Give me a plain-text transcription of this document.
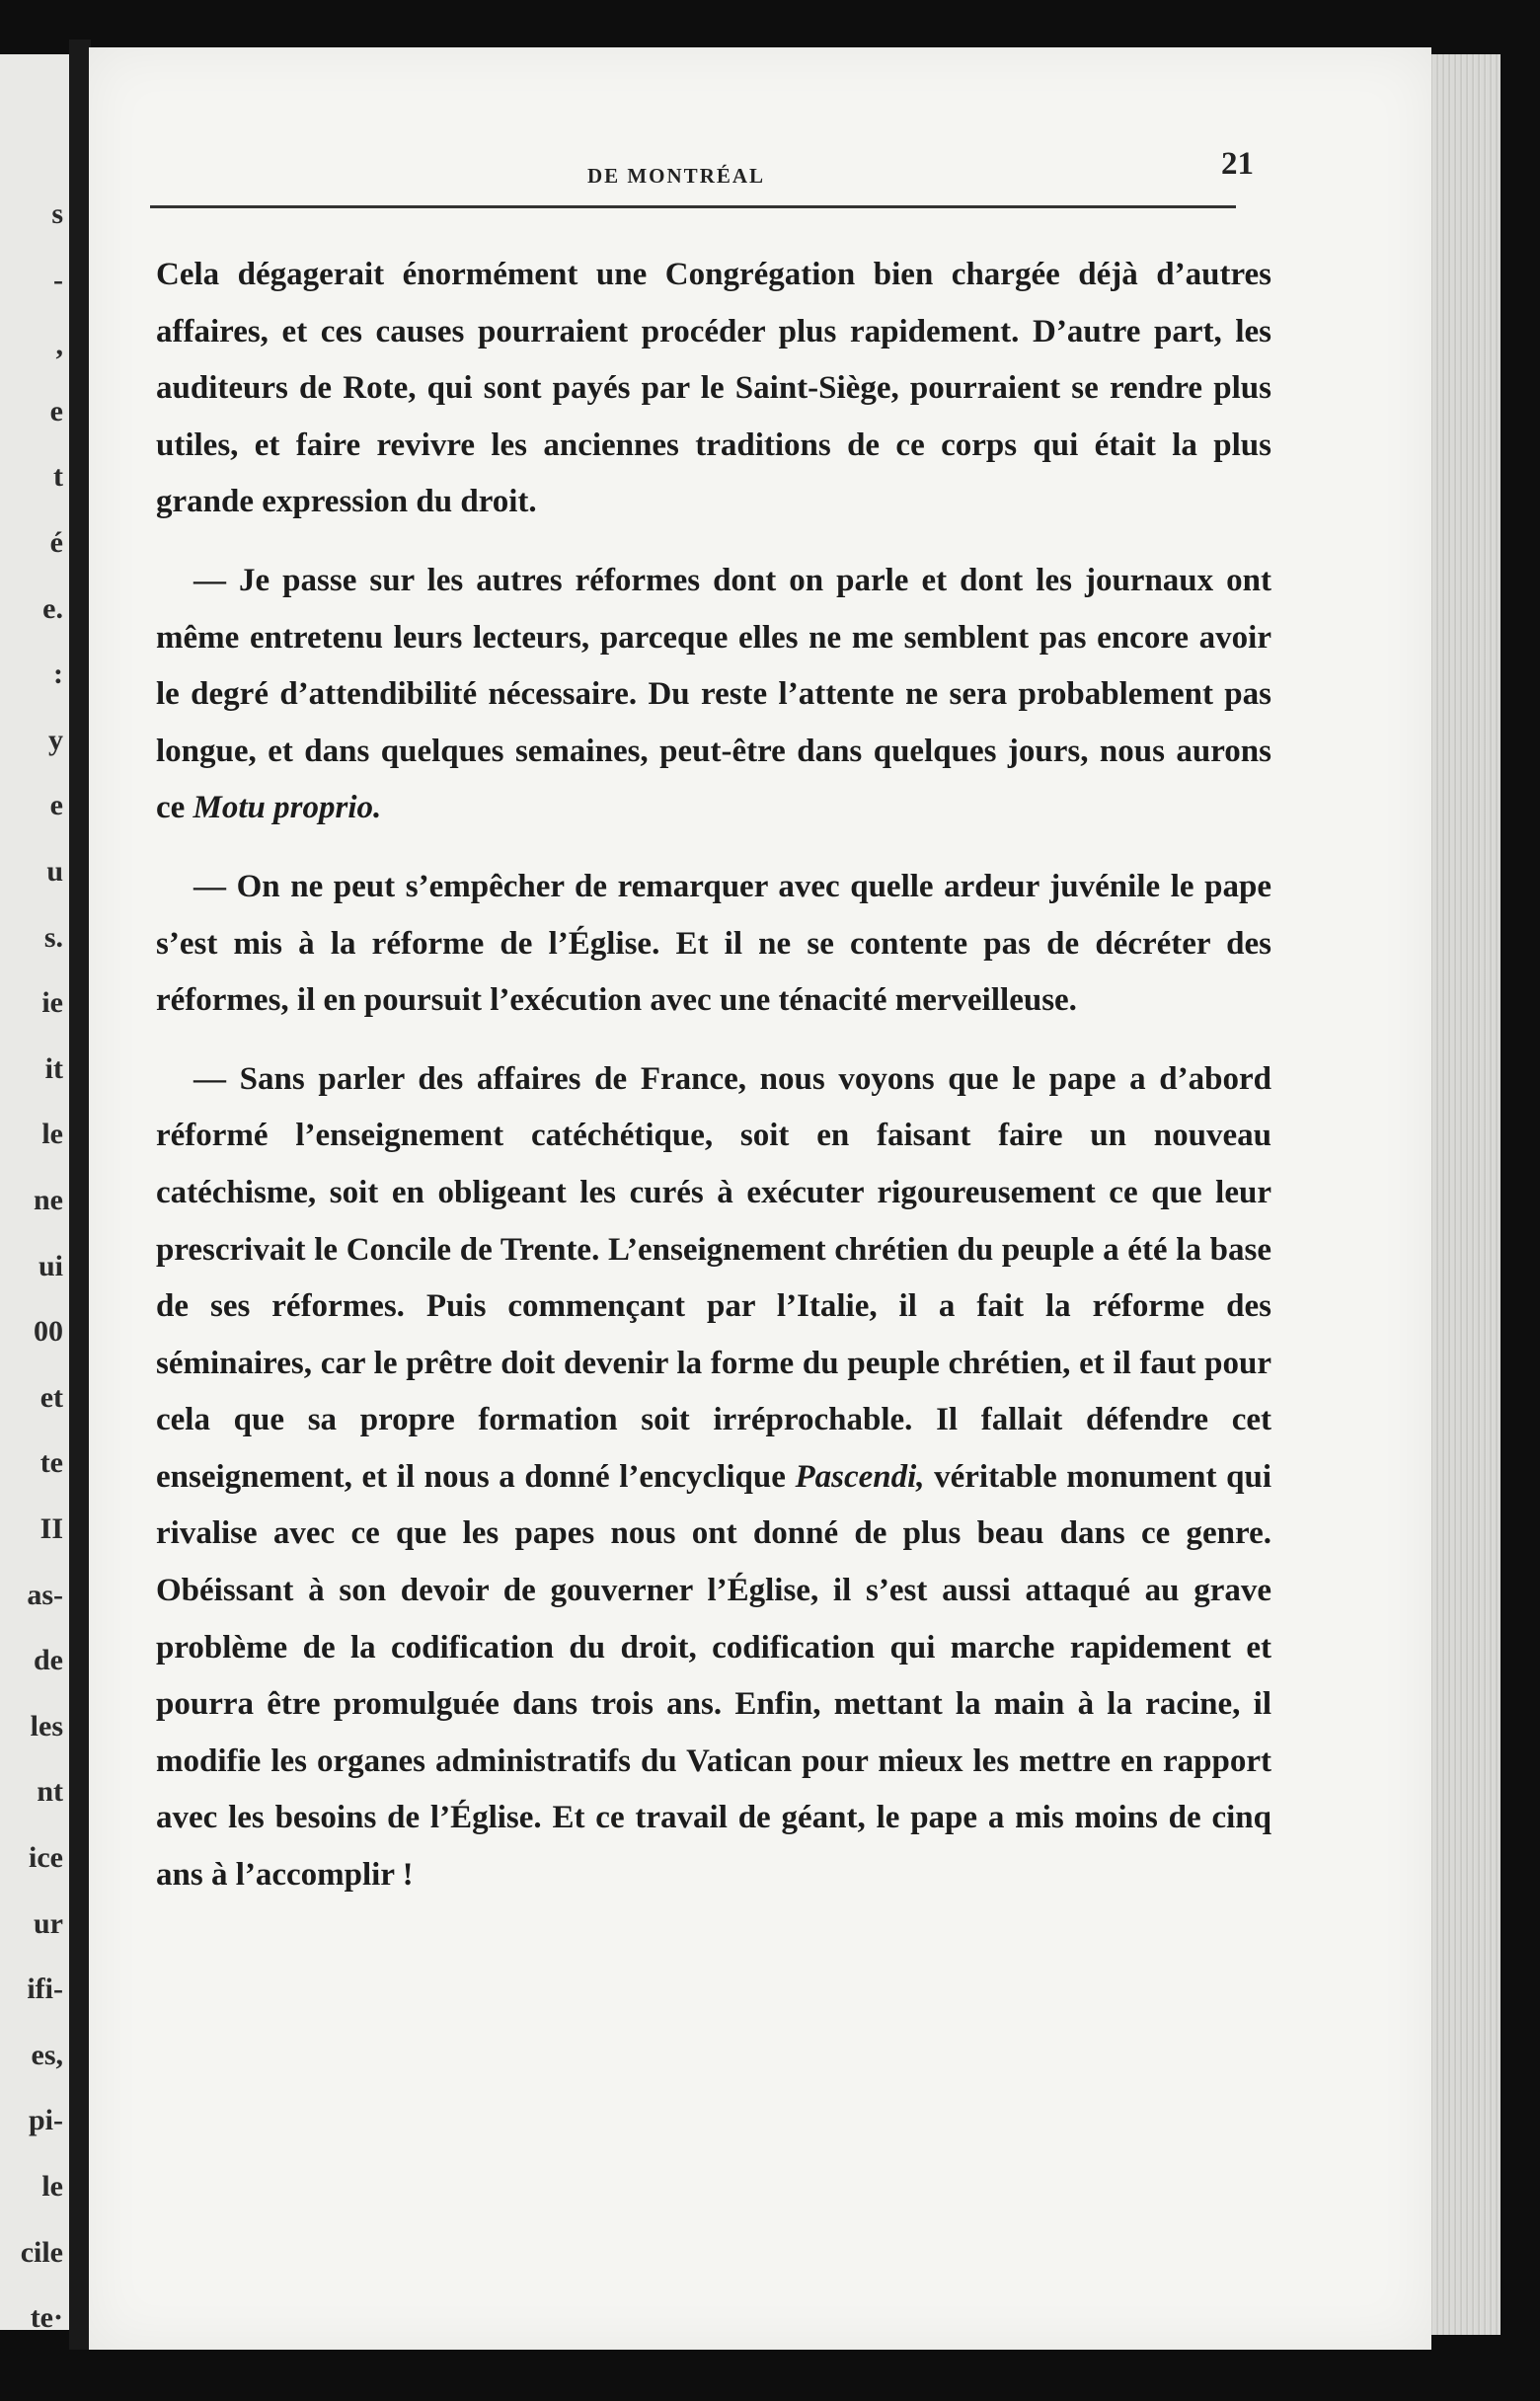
s
-
,
e
t
é
e.
:
y
e
u
s.
ie
it
le
ne
ui
00
et
te
II
as-
de
les
nt
ice
ur
ifi-
es,
pi-
le
cile
te·
DE MONTRÉAL	21

Cela dégagerait énormément une Congrégation bien chargée déjà d’autres affaires, et ces causes pourraient procéder plus rapidement. D’autre part, les auditeurs de Rote, qui sont payés par le Saint-Siège, pourraient se rendre plus utiles, et faire revivre les anciennes traditions de ce corps qui était la plus grande expression du droit.

— Je passe sur les autres réformes dont on parle et dont les journaux ont même entretenu leurs lecteurs, parceque elles ne me semblent pas encore avoir le degré d’attendibilité nécessaire. Du reste l’attente ne sera probablement pas longue, et dans quelques semaines, peut-être dans quelques jours, nous aurons ce Motu proprio.

— On ne peut s’empêcher de remarquer avec quelle ardeur juvénile le pape s’est mis à la réforme de l’Église. Et il ne se contente pas de décréter des réformes, il en poursuit l’exécution avec une ténacité merveilleuse.

— Sans parler des affaires de France, nous voyons que le pape a d’abord réformé l’enseignement catéchétique, soit en faisant faire un nouveau catéchisme, soit en obligeant les curés à exécuter rigoureusement ce que leur prescrivait le Concile de Trente. L’enseignement chrétien du peuple a été la base de ses réformes. Puis commençant par l’Italie, il a fait la réforme des séminaires, car le prêtre doit devenir la forme du peuple chrétien, et il faut pour cela que sa propre formation soit irréprochable. Il fallait défendre cet enseignement, et il nous a donné l’encyclique Pascendi, véritable monument qui rivalise avec ce que les papes nous ont donné de plus beau dans ce genre. Obéissant à son devoir de gouverner l’Église, il s’est aussi attaqué au grave problème de la codification du droit, codification qui marche rapidement et pourra être promulguée dans trois ans. Enfin, mettant la main à la racine, il modifie les organes administratifs du Vatican pour mieux les mettre en rapport avec les besoins de l’Église. Et ce travail de géant, le pape a mis moins de cinq ans à l’accomplir !
